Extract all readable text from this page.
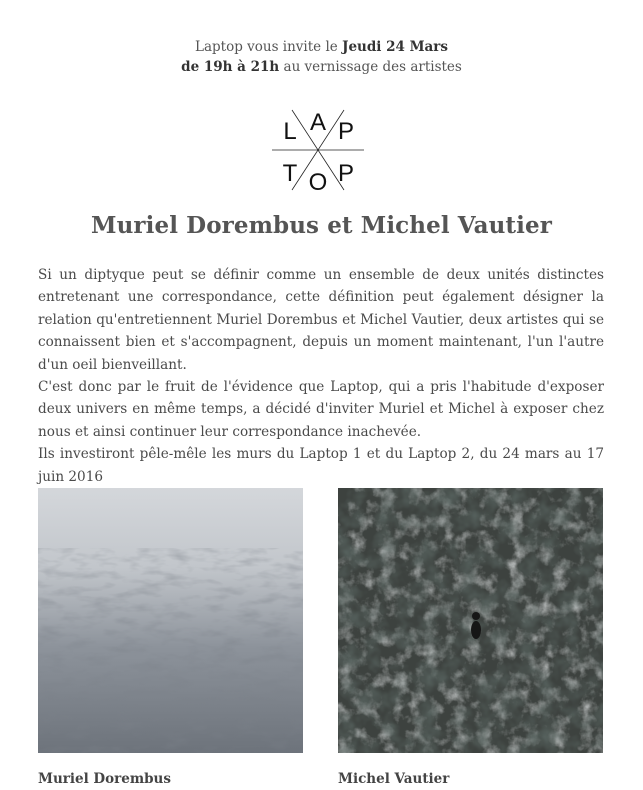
Laptop vous invite le Jeudi 24 Mars
de 19h à 21h au vernissage des artistes
L A P
T O P
Muriel Dorembus et Michel Vautier

Si un diptyque peut se définir comme un ensemble de deux unités distinctes entretenant une correspondance, cette définition peut également désigner la relation qu'entretiennent Muriel Dorembus et Michel Vautier, deux artistes qui se connaissent bien et s'accompagnent, depuis un moment maintenant, l'un l'autre d'un oeil bienveillant.

C'est donc par le fruit de l'évidence que Laptop, qui a pris l'habitude d'exposer deux univers en même temps, a décidé d'inviter Muriel et Michel à exposer chez nous et ainsi continuer leur correspondance inachevée.

Ils investiront pêle-mêle les murs du Laptop 1 et du Laptop 2, du 24 mars au 17 juin 2016

Muriel Dorembus	Michel Vautier
